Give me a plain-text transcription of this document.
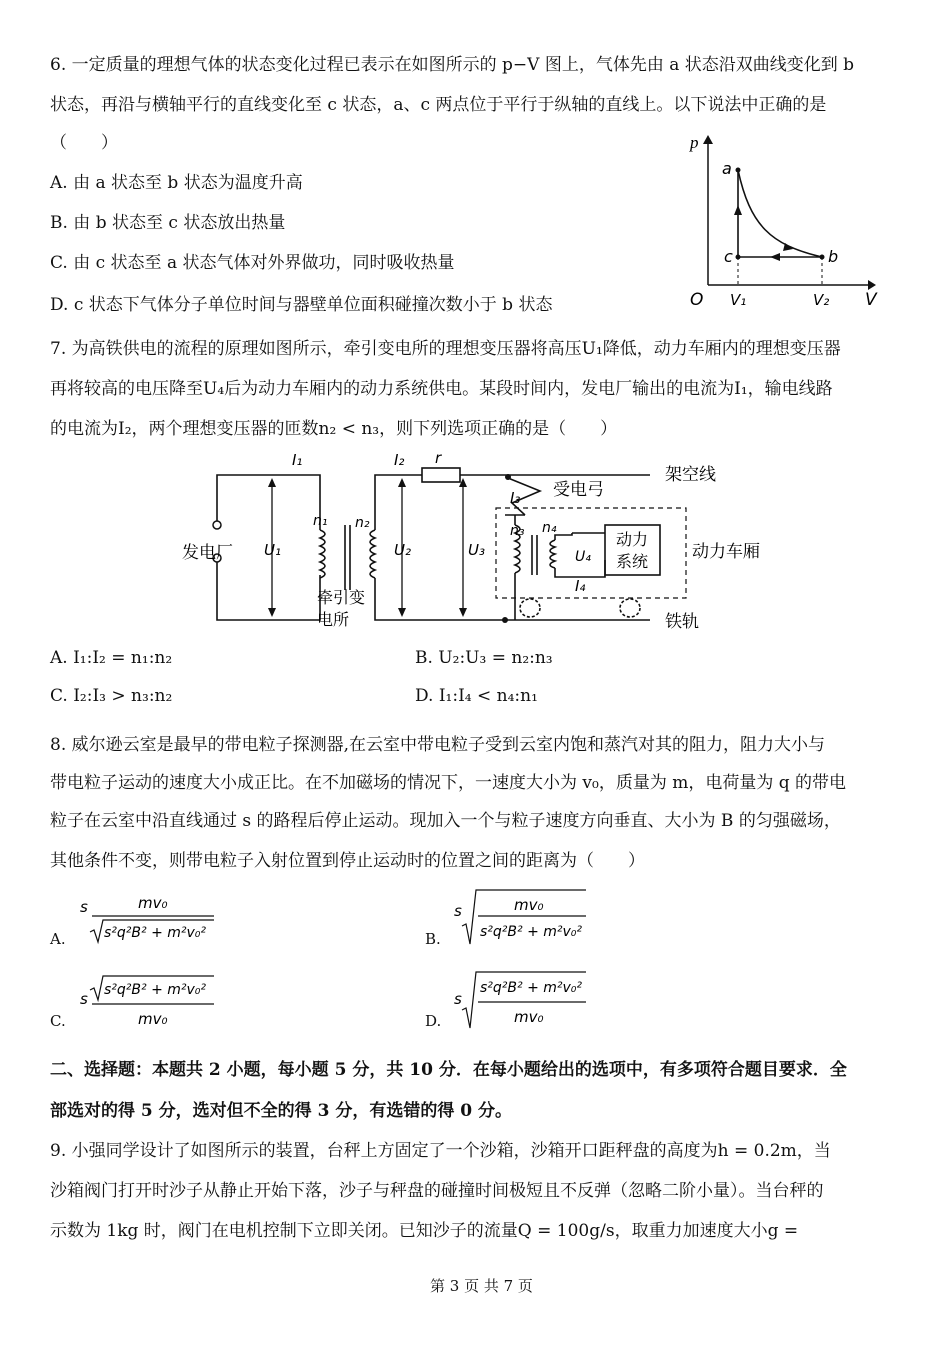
6. 一定质量的理想气体的状态变化过程已表示在如图所示的 p−V 图上，气体先由 a 状态沿双曲线变化到 b
状态，再沿与横轴平行的直线变化至 c 状态，a、c 两点位于平行于纵轴的直线上。以下说法中正确的是
（　　）
A. 由 a 状态至 b 状态为温度升高
B. 由 b 状态至 c 状态放出热量
C. 由 c 状态至 a 状态气体对外界做功，同时吸收热量
D. c 状态下气体分子单位时间与器壁单位面积碰撞次数小于 b 状态
p
V
O
a
b
c
V₁	V₂
7. 为高铁供电的流程的原理如图所示，牵引变电所的理想变压器将高压U₁降低，动力车厢内的理想变压器
再将较高的电压降至U₄后为动力车厢内的动力系统供电。某段时间内，发电厂输出的电流为I₁，输电线路
的电流为I₂，两个理想变压器的匝数n₂ < n₃，则下列选项正确的是（　　）
I₁	I₂ r
I₃
I₄
U₁	U₂	U₃	U₄
n₁ n₂	n₃ n₄
发电厂
牵引变
电所
架空线
受电弓
动力
系统	动力车厢
铁轨
A. I₁:I₂ = n₁:n₂	B. U₂:U₃ = n₂:n₃
C. I₂:I₃ > n₃:n₂	D. I₁:I₄ < n₄:n₁
8. 威尔逊云室是最早的带电粒子探测器,在云室中带电粒子受到云室内饱和蒸汽对其的阻力，阻力大小与
带电粒子运动的速度大小成正比。在不加磁场的情况下，一速度大小为 v₀，质量为 m，电荷量为 q 的带电
粒子在云室中沿直线通过 s 的路程后停止运动。现加入一个与粒子速度方向垂直、大小为 B 的匀强磁场，
其他条件不变，则带电粒子入射位置到停止运动时的位置之间的距离为（　　）
A.
s	mv₀
s²q²B² + m²v₀²	B.
s	mv₀
s²q²B² + m²v₀²
C.
s s²q²B² + m²v₀²
mv₀	D.
s
s²q²B² + m²v₀²
mv₀
二、选择题：本题共 2 小题，每小题 5 分，共 10 分．在每小题给出的选项中，有多项符合题目要求．全
部选对的得 5 分，选对但不全的得 3 分，有选错的得 0 分。
9. 小强同学设计了如图所示的装置，台秤上方固定了一个沙箱，沙箱开口距秤盘的高度为h = 0.2m，当
沙箱阀门打开时沙子从静止开始下落，沙子与秤盘的碰撞时间极短且不反弹（忽略二阶小量）。当台秤的
示数为 1kg 时，阀门在电机控制下立即关闭。已知沙子的流量Q = 100g/s，取重力加速度大小g =
第 3 页 共 7 页
